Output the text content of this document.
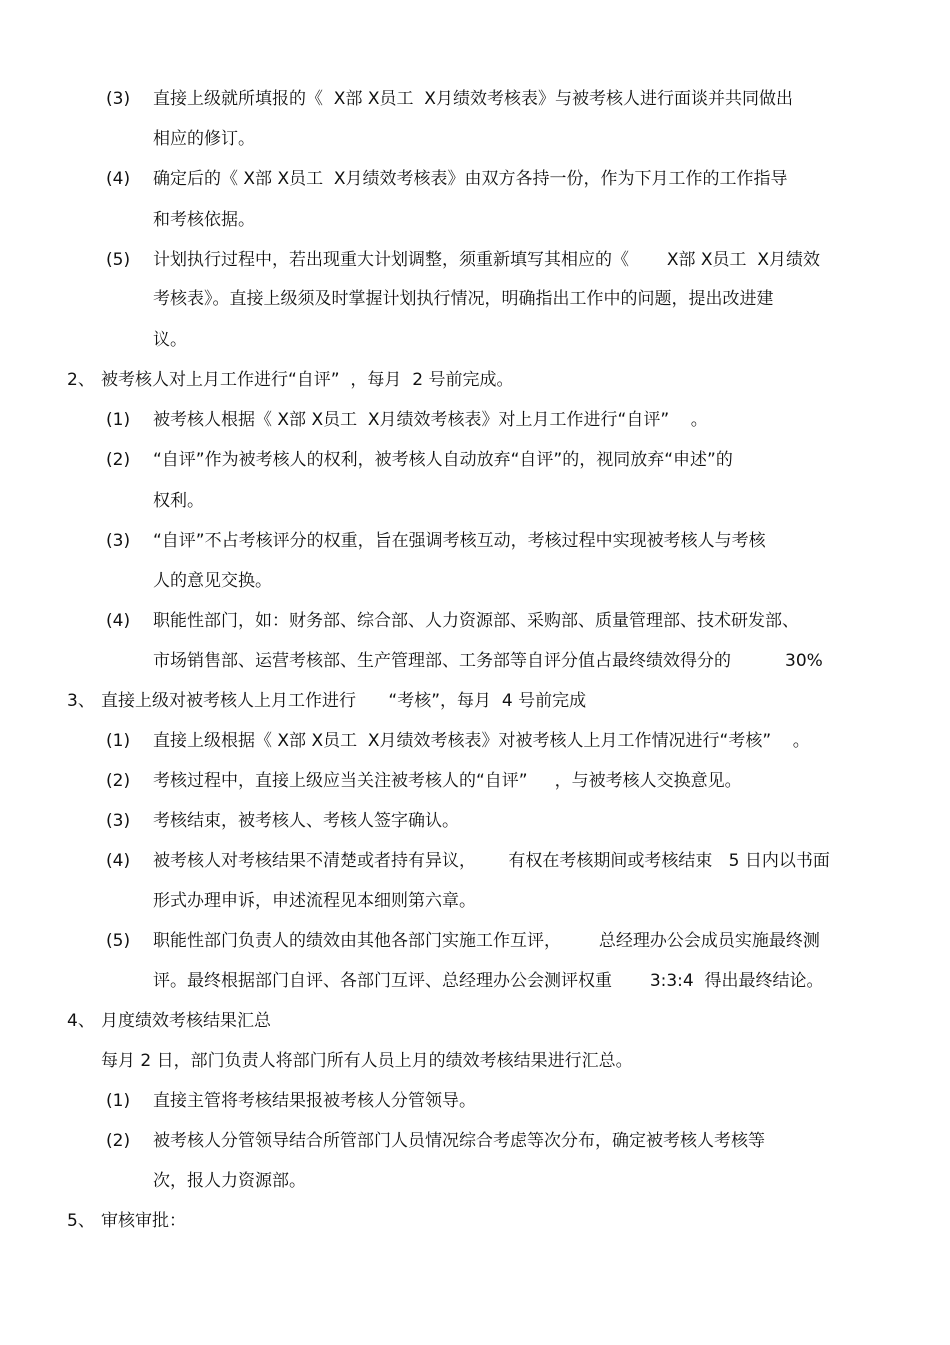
(3) 直接上级就所填报的《  X部 X员工  X月绩效考核表》与被考核人进行面谈并共同做出
相应的修订。
(4) 确定后的《 X部 X员工  X月绩效考核表》由双方各持一份，作为下月工作的工作指导
和考核依据。
(5) 计划执行过程中，若出现重大计划调整，须重新填写其相应的《       X部 X员工  X月绩效
考核表》。直接上级须及时掌握计划执行情况，明确指出工作中的问题，提出改进建
议。
2、 被考核人对上月工作进行“自评”  ，每月  2 号前完成。
(1) 被考核人根据《 X部 X员工  X月绩效考核表》对上月工作进行“自评”    。
(2) “自评”作为被考核人的权利，被考核人自动放弃“自评”的，视同放弃“申述”的
权利。
(3) “自评”不占考核评分的权重，旨在强调考核互动，考核过程中实现被考核人与考核
人的意见交换。
(4) 职能性部门，如：财务部、综合部、人力资源部、采购部、质量管理部、技术研发部、
市场销售部、运营考核部、生产管理部、工务部等自评分值占最终绩效得分的          30%
3、 直接上级对被考核人上月工作进行      “考核”，每月  4 号前完成
(1) 直接上级根据《 X部 X员工  X月绩效考核表》对被考核人上月工作情况进行“考核”    。
(2) 考核过程中，直接上级应当关注被考核人的“自评”     ，与被考核人交换意见。
(3) 考核结束，被考核人、考核人签字确认。
(4) 被考核人对考核结果不清楚或者持有异议，      有权在考核期间或考核结束   5 日内以书面
形式办理申诉，申述流程见本细则第六章。
(5) 职能性部门负责人的绩效由其他各部门实施工作互评，       总经理办公会成员实施最终测
评。最终根据部门自评、各部门互评、总经理办公会测评权重       3:3:4  得出最终结论。
4、 月度绩效考核结果汇总
每月 2 日，部门负责人将部门所有人员上月的绩效考核结果进行汇总。
(1) 直接主管将考核结果报被考核人分管领导。
(2) 被考核人分管领导结合所管部门人员情况综合考虑等次分布，确定被考核人考核等
次，报人力资源部。
5、 审核审批：
